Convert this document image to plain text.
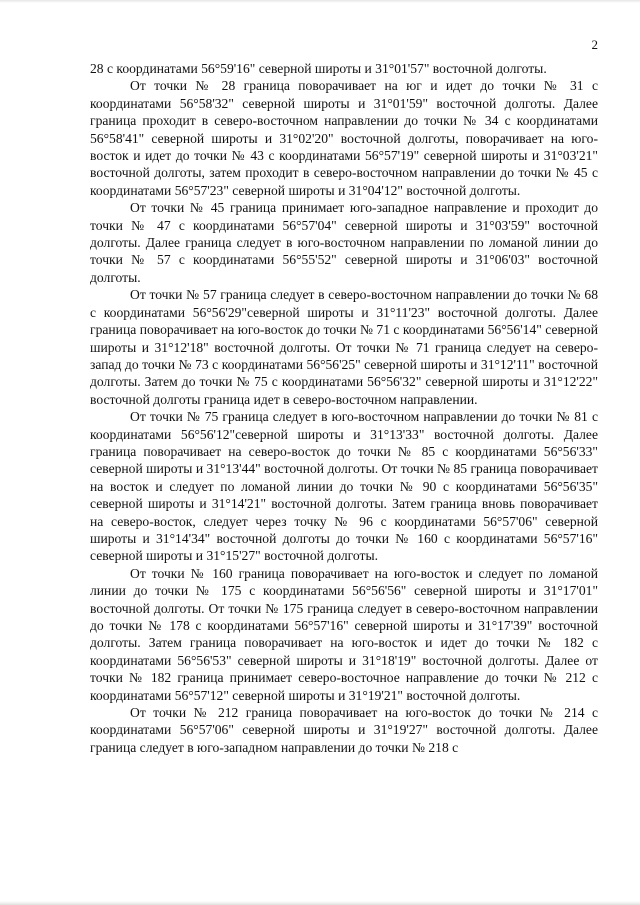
2

28 с координатами 56°59'16" северной широты и 31°01'57" восточной долготы.

От точки № 28 граница поворачивает на юг и идет до точки № 31 с координатами 56°58'32" северной широты и 31°01'59" восточной долготы. Далее граница проходит в северо-восточном направлении до точки № 34 с координатами 56°58'41" северной широты и 31°02'20" восточной долготы, поворачивает на юго-восток и идет до точки № 43 с координатами 56°57'19" северной широты и 31°03'21" восточной долготы, затем проходит в северо-восточном направлении до точки № 45 с координатами 56°57'23" северной широты и 31°04'12" восточной долготы.

От точки № 45 граница принимает юго-западное направление и проходит до точки № 47 с координатами 56°57'04" северной широты и 31°03'59" восточной долготы. Далее граница следует в юго-восточном направлении по ломаной линии до точки № 57 с координатами 56°55'52" северной широты и 31°06'03" восточной долготы.

От точки № 57 граница следует в северо-восточном направлении до точки № 68 с координатами 56°56'29"северной широты и 31°11'23" восточной долготы. Далее граница поворачивает на юго-восток до точки № 71 с координатами 56°56'14" северной широты и 31°12'18" восточной долготы. От точки № 71 граница следует на северо-запад до точки № 73 с координатами 56°56'25" северной широты и 31°12'11" восточной долготы. Затем до точки № 75 с координатами 56°56'32" северной широты и 31°12'22" восточной долготы граница идет в северо-восточном направлении.

От точки № 75 граница следует в юго-восточном направлении до точки № 81 с координатами 56°56'12"северной широты и 31°13'33" восточной долготы. Далее граница поворачивает на северо-восток до точки № 85 с координатами 56°56'33" северной широты и 31°13'44" восточной долготы. От точки № 85 граница поворачивает на восток и следует по ломаной линии до точки № 90 с координатами 56°56'35" северной широты и 31°14'21" восточной долготы. Затем граница вновь поворачивает на северо-восток, следует через точку № 96 с координатами 56°57'06" северной широты и 31°14'34" восточной долготы до точки № 160 с координатами 56°57'16" северной широты и 31°15'27" восточной долготы.

От точки № 160 граница поворачивает на юго-восток и следует по ломаной линии до точки № 175 с координатами 56°56'56" северной широты и 31°17'01" восточной долготы. От точки № 175 граница следует в северо-восточном направлении до точки № 178 с координатами 56°57'16" северной широты и 31°17'39" восточной долготы. Затем граница поворачивает на юго-восток и идет до точки № 182 с координатами 56°56'53" северной широты и 31°18'19" восточной долготы. Далее от точки № 182 граница принимает северо-восточное направление до точки № 212 с координатами 56°57'12" северной широты и 31°19'21" восточной долготы.

От точки № 212 граница поворачивает на юго-восток до точки № 214 с координатами 56°57'06" северной широты и 31°19'27" восточной долготы. Далее граница следует в юго-западном направлении до точки № 218 с
